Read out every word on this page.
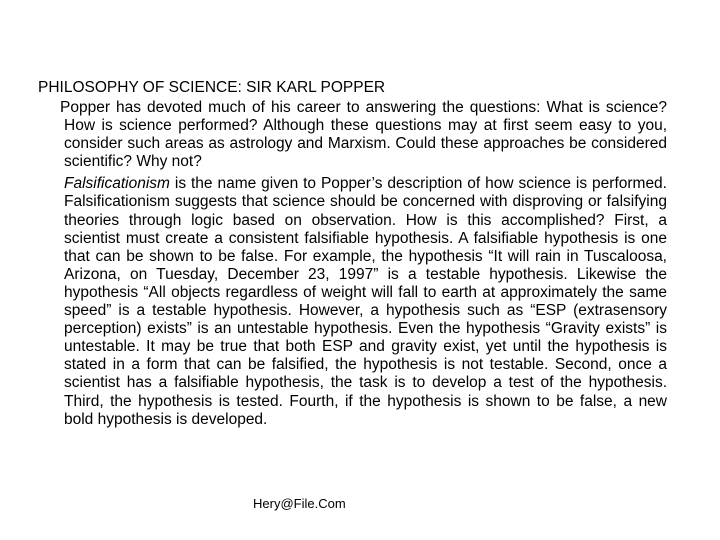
PHILOSOPHY OF SCIENCE: SIR KARL POPPER

Popper has devoted much of his career to answering the questions: What is science? How is science performed? Although these questions may at first seem easy to you, consider such areas as astrology and Marxism. Could these approaches be considered scientific? Why not?

Falsificationism is the name given to Popper’s description of how science is performed. Falsificationism suggests that science should be concerned with disproving or falsifying theories through logic based on observation. How is this accomplished? First, a scientist must create a consistent falsifiable hypothesis. A falsifiable hypothesis is one that can be shown to be false. For example, the hypothesis “It will rain in Tuscaloosa, Arizona, on Tuesday, December 23, 1997” is a testable hypothesis. Likewise the hypothesis “All objects regardless of weight will fall to earth at approximately the same speed” is a testable hypothesis. However, a hypothesis such as “ESP (extrasensory perception) exists” is an untestable hypothesis. Even the hypothesis “Gravity exists” is untestable. It may be true that both ESP and gravity exist, yet until the hypothesis is stated in a form that can be falsified, the hypothesis is not testable. Second, once a scientist has a falsifiable hypothesis, the task is to develop a test of the hypothesis. Third, the hypothesis is tested. Fourth, if the hypothesis is shown to be false, a new bold hypothesis is developed.

Hery@File.Com
